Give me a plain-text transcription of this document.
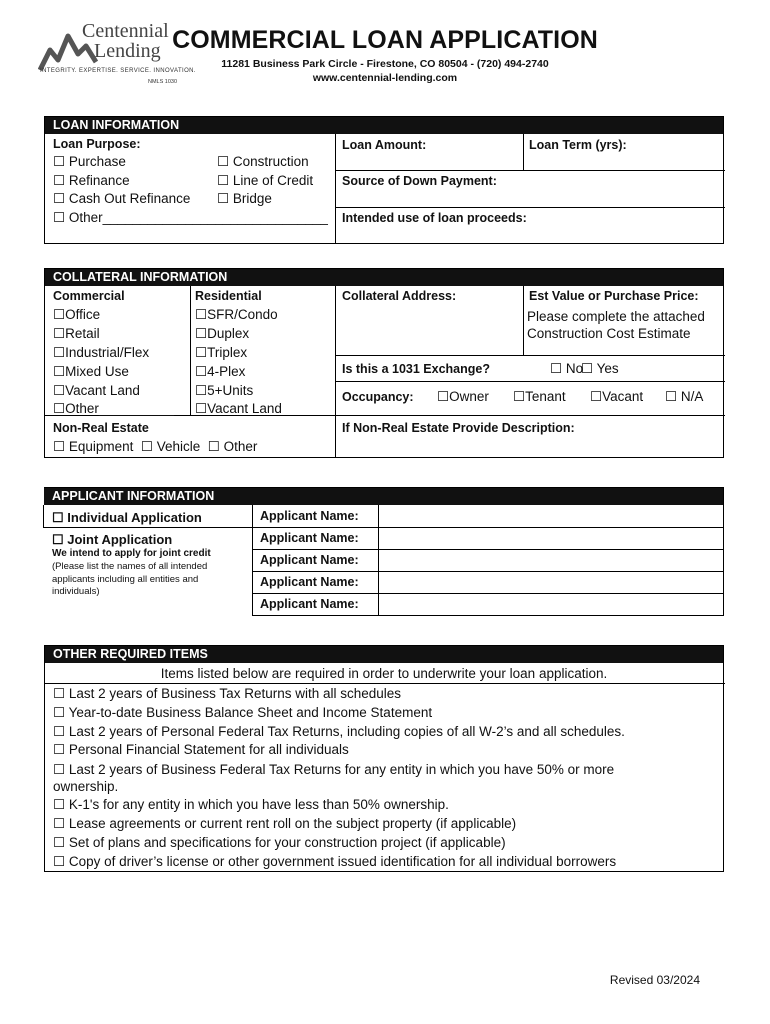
Centennial
Lending
INTEGRITY. EXPERTISE. SERVICE. INNOVATION.
NMLS 1030
COMMERCIAL LOAN APPLICATION
11281 Business Park Circle - Firestone, CO 80504 - (720) 494-2740
www.centennial-lending.com
LOAN INFORMATION
Loan Purpose:
☐ Purchase
☐ Refinance
☐ Cash Out Refinance
☐ Other______________________________
☐ Construction
☐ Line of Credit
☐ Bridge
Loan Amount:	Loan Term (yrs):
Source of Down Payment:
Intended use of loan proceeds:
COLLATERAL INFORMATION
Commercial
☐Office
☐Retail
☐Industrial/Flex
☐Mixed Use
☐Vacant Land
☐Other__________
Residential
☐SFR/Condo
☐Duplex
☐Triplex
☐4-Plex
☐5+Units
☐Vacant Land
Collateral Address:	Est Value or Purchase Price:
Please complete the attached
Construction Cost Estimate
Is this a 1031 Exchange?	☐ No
☐ Yes
Occupancy: ☐Owner ☐Tenant ☐Vacant ☐ N/A
Non-Real Estate
☐ Equipment  ☐ Vehicle  ☐ Other
If Non-Real Estate Provide Description:
APPLICANT INFORMATION
☐ Individual Application
☐ Joint Application
We intend to apply for joint credit
(Please list the names of all intended applicants including all entities and individuals)
Applicant Name:
Applicant Name:
Applicant Name:
Applicant Name:
Applicant Name:
OTHER REQUIRED ITEMS
Items listed below are required in order to underwrite your loan application.
☐ Last 2 years of Business Tax Returns with all schedules
☐ Year-to-date Business Balance Sheet and Income Statement
☐ Last 2 years of Personal Federal Tax Returns, including copies of all W-2’s and all schedules.
☐ Personal Financial Statement for all individuals
☐ Last 2 years of Business Federal Tax Returns for any entity in which you have 50% or more
ownership.
☐ K-1's for any entity in which you have less than 50% ownership.
☐ Lease agreements or current rent roll on the subject property (if applicable)
☐ Set of plans and specifications for your construction project (if applicable)
☐ Copy of driver’s license or other government issued identification for all individual borrowers
Revised 03/2024
